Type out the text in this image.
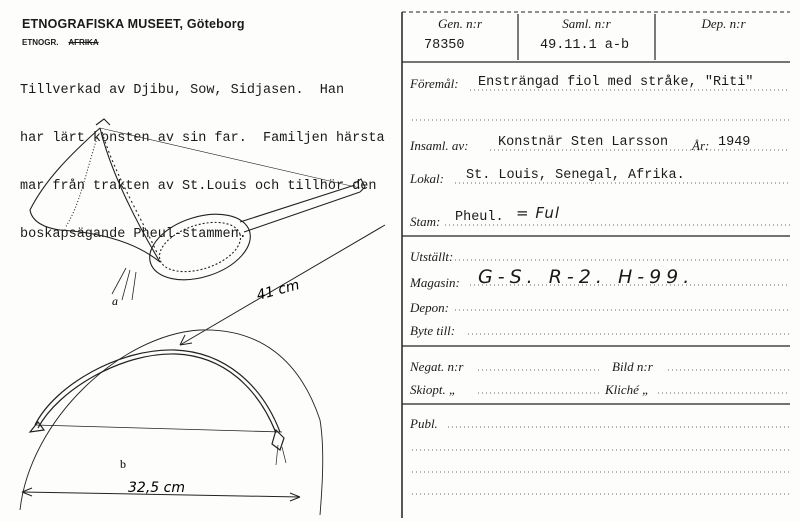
ETNOGRAFISKA MUSEET, Göteborg
ETNOGR. AFRIKA

Tillverkad av Djibu, Sow, Sidjasen.  Han

har lärt konsten av sin far.  Familjen härsta

mar från trakten av St.Louis och tillhör den

boskapsägande Pheul-stammen.

a	41 cm
b
32,5 cm
Gen. n:r
78350
Saml. n:r
49.11.1 a-b
Dep. n:r
Föremål: Ensträngad fiol med stråke, "Riti"
Insaml. av: Konstnär Sten Larsson År: 1949
Lokal: St. Louis, Senegal, Afrika.
Stam: Pheul. = Ful
Utställt:
Magasin: G-S. R-2. H-99.
Depon:
Byte till:
Negat. n:r	Bild n:r
Skiopt. „	Kliché „
Publ.
